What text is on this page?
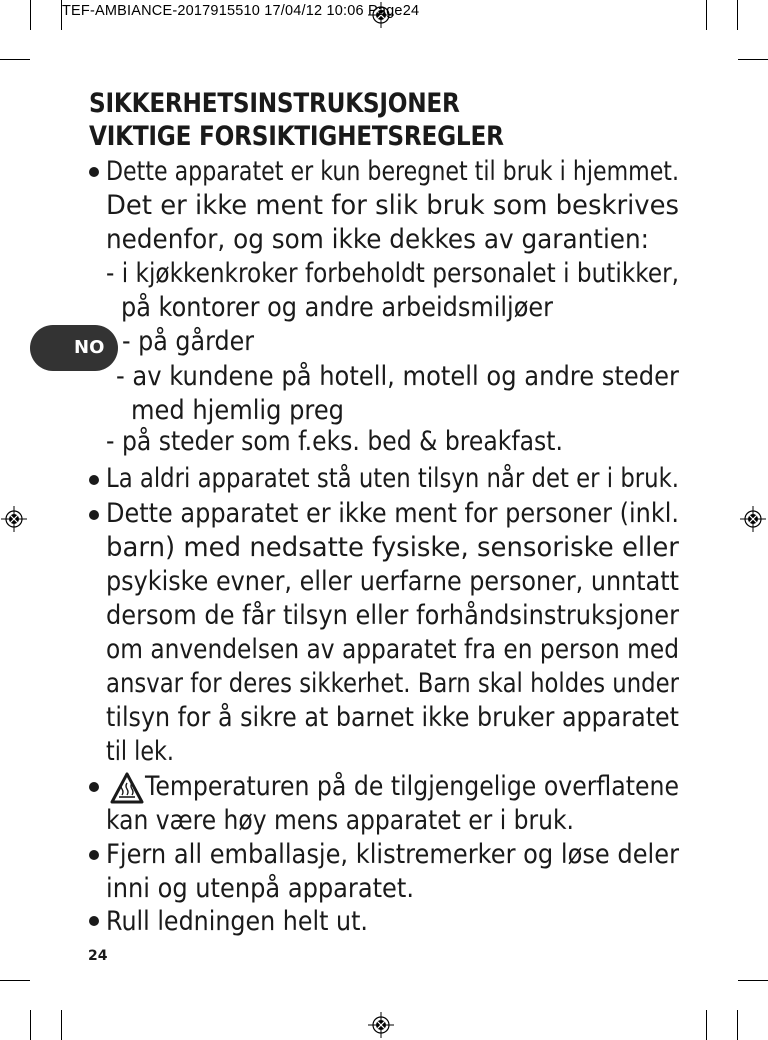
TEF-AMBIANCE-2017915510 17/04/12 10:06 Page24
SIKKERHETSINSTRUKSJONER
VIKTIGE FORSIKTIGHETSREGLER
NO
Dette apparatet er kun beregnet til bruk i hjemmet.
Det er ikke ment for slik bruk som beskrives
nedenfor, og som ikke dekkes av garantien:
- i kjøkkenkroker forbeholdt personalet i butikker,
på kontorer og andre arbeidsmiljøer
- på gårder
- av kundene på hotell, motell og andre steder
med hjemlig preg
- på steder som f.eks. bed & breakfast.
La aldri apparatet stå uten tilsyn når det er i bruk.
Dette apparatet er ikke ment for personer (inkl.
barn) med nedsatte fysiske, sensoriske eller
psykiske evner, eller uerfarne personer, unntatt
dersom de får tilsyn eller forhåndsinstruksjoner
om anvendelsen av apparatet fra en person med
ansvar for deres sikkerhet. Barn skal holdes under
tilsyn for å sikre at barnet ikke bruker apparatet
til lek.
Temperaturen på de tilgjengelige overflatene
kan være høy mens apparatet er i bruk.
Fjern all emballasje, klistremerker og løse deler
inni og utenpå apparatet.
Rull ledningen helt ut.
24
